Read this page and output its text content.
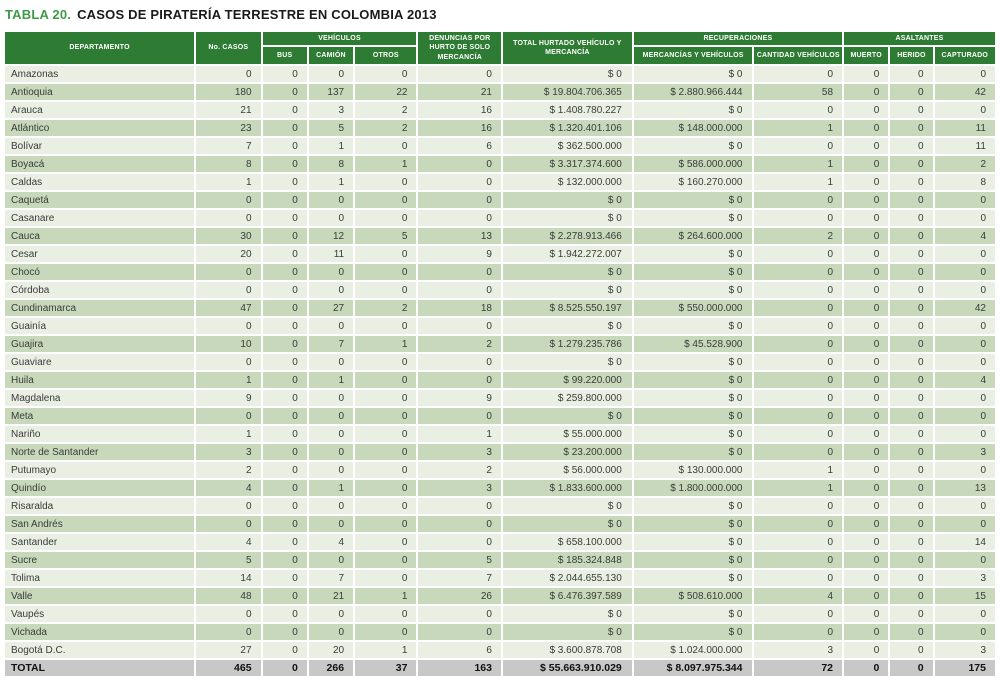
TABLA 20. CASOS DE PIRATERÍA TERRESTRE EN COLOMBIA 2013
DEPARTAMENTO	No. CASOS	VEHÍCULOS			DENUNCIAS POR HURTO DE SOLO MERCANCÍA	TOTAL HURTADO VEHÍCULO Y MERCANCÍA	RECUPERACIONES		ASALTANTES		
		BUS	CAMIÓN	OTROS			MERCANCÍAS Y VEHÍCULOS	CANTIDAD VEHÍCULOS	MUERTO	HERIDO	CAPTURADO
Amazonas	0	0	0	0	0	$ 0	$ 0	0	0	0	0
Antioquia	180	0	137	22	21	$ 19.804.706.365	$ 2.880.966.444	58	0	0	42
Arauca	21	0	3	2	16	$ 1.408.780.227	$ 0	0	0	0	0
Atlántico	23	0	5	2	16	$ 1.320.401.106	$ 148.000.000	1	0	0	11
Bolívar	7	0	1	0	6	$ 362.500.000	$ 0	0	0	0	11
Boyacá	8	0	8	1	0	$ 3.317.374.600	$ 586.000.000	1	0	0	2
Caldas	1	0	1	0	0	$ 132.000.000	$ 160.270.000	1	0	0	8
Caquetá	0	0	0	0	0	$ 0	$ 0	0	0	0	0
Casanare	0	0	0	0	0	$ 0	$ 0	0	0	0	0
Cauca	30	0	12	5	13	$ 2.278.913.466	$ 264.600.000	2	0	0	4
Cesar	20	0	11	0	9	$ 1.942.272.007	$ 0	0	0	0	0
Chocó	0	0	0	0	0	$ 0	$ 0	0	0	0	0
Córdoba	0	0	0	0	0	$ 0	$ 0	0	0	0	0
Cundinamarca	47	0	27	2	18	$ 8.525.550.197	$ 550.000.000	0	0	0	42
Guainía	0	0	0	0	0	$ 0	$ 0	0	0	0	0
Guajira	10	0	7	1	2	$ 1.279.235.786	$ 45.528.900	0	0	0	0
Guaviare	0	0	0	0	0	$ 0	$ 0	0	0	0	0
Huila	1	0	1	0	0	$ 99.220.000	$ 0	0	0	0	4
Magdalena	9	0	0	0	9	$ 259.800.000	$ 0	0	0	0	0
Meta	0	0	0	0	0	$ 0	$ 0	0	0	0	0
Nariño	1	0	0	0	1	$ 55.000.000	$ 0	0	0	0	0
Norte de Santander	3	0	0	0	3	$ 23.200.000	$ 0	0	0	0	3
Putumayo	2	0	0	0	2	$ 56.000.000	$ 130.000.000	1	0	0	0
Quindío	4	0	1	0	3	$ 1.833.600.000	$ 1.800.000.000	1	0	0	13
Risaralda	0	0	0	0	0	$ 0	$ 0	0	0	0	0
San Andrés	0	0	0	0	0	$ 0	$ 0	0	0	0	0
Santander	4	0	4	0	0	$ 658.100.000	$ 0	0	0	0	14
Sucre	5	0	0	0	5	$ 185.324.848	$ 0	0	0	0	0
Tolima	14	0	7	0	7	$ 2.044.655.130	$ 0	0	0	0	3
Valle	48	0	21	1	26	$ 6.476.397.589	$ 508.610.000	4	0	0	15
Vaupés	0	0	0	0	0	$ 0	$ 0	0	0	0	0
Vichada	0	0	0	0	0	$ 0	$ 0	0	0	0	0
Bogotá D.C.	27	0	20	1	6	$ 3.600.878.708	$ 1.024.000.000	3	0	0	3
TOTAL	465	0	266	37	163	$ 55.663.910.029	$ 8.097.975.344	72	0	0	175
